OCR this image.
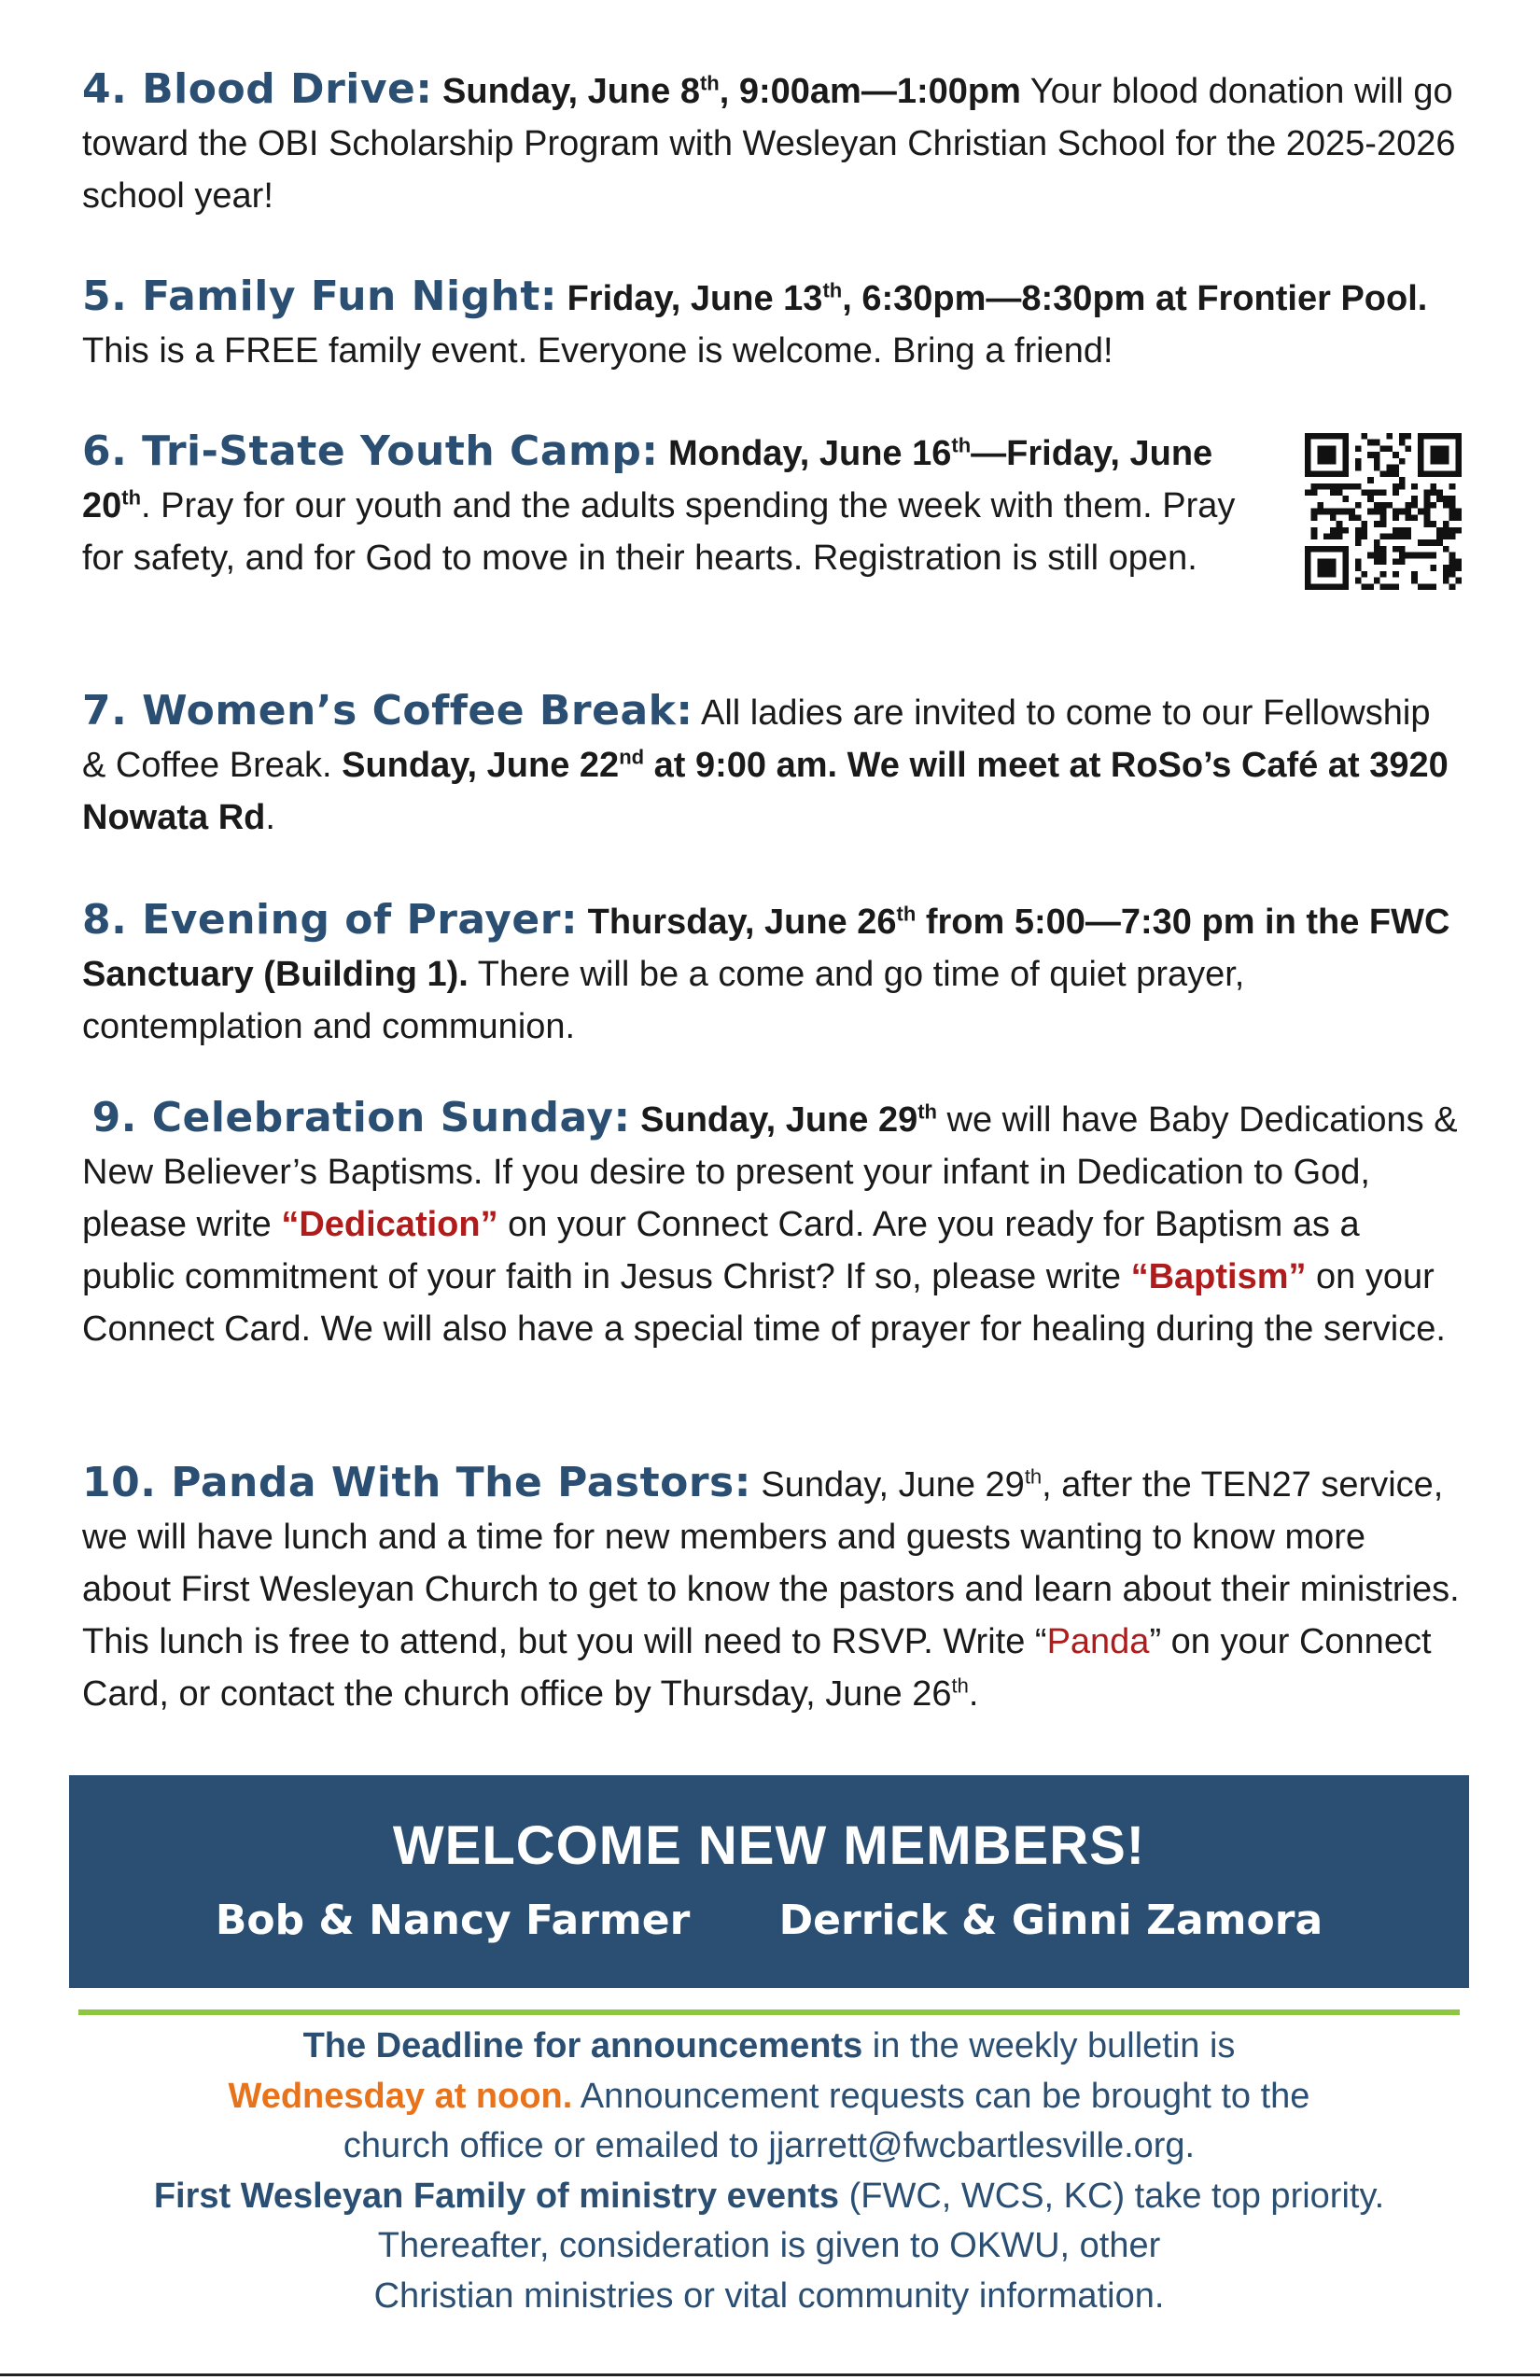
4. Blood Drive: Sunday, June 8th, 9:00am—1:00pm Your blood donation will go toward the OBI Scholarship Program with Wesleyan Christian School for the 2025-2026 school year!

5. Family Fun Night: Friday, June 13th, 6:30pm—8:30pm at Frontier Pool. This is a FREE family event. Everyone is welcome. Bring a friend!

6. Tri-State Youth Camp: Monday, June 16th—Friday, June 20th. Pray for our youth and the adults spending the week with them. Pray for safety, and for God to move in their hearts. Registration is still open.

7. Women’s Coffee Break: All ladies are invited to come to our Fellowship & Coffee Break. Sunday, June 22nd at 9:00 am. We will meet at RoSo’s Café at 3920 Nowata Rd.

8. Evening of Prayer: Thursday, June 26th from 5:00—7:30 pm in the FWC Sanctuary (Building 1). There will be a come and go time of quiet prayer, contemplation and communion.

9. Celebration Sunday: Sunday, June 29th we will have Baby Dedications & New Believer’s Baptisms. If you desire to present your infant in Dedication to God, please write “Dedication” on your Connect Card. Are you ready for Baptism as a public commitment of your faith in Jesus Christ? If so, please write “Baptism” on your Connect Card. We will also have a special time of prayer for healing during the service.

10. Panda With The Pastors: Sunday, June 29th, after the TEN27 service, we will have lunch and a time for new members and guests wanting to know more about First Wesleyan Church to get to know the pastors and learn about their ministries. This lunch is free to attend, but you will need to RSVP. Write “Panda” on your Connect Card, or contact the church office by Thursday, June 26th.

WELCOME NEW MEMBERS!
Bob & Nancy Farmer Derrick & Ginni Zamora
The Deadline for announcements in the weekly bulletin is
Wednesday at noon. Announcement requests can be brought to the
church office or emailed to jjarrett@fwcbartlesville.org.
First Wesleyan Family of ministry events (FWC, WCS, KC) take top priority.
Thereafter, consideration is given to OKWU, other
Christian ministries or vital community information.
